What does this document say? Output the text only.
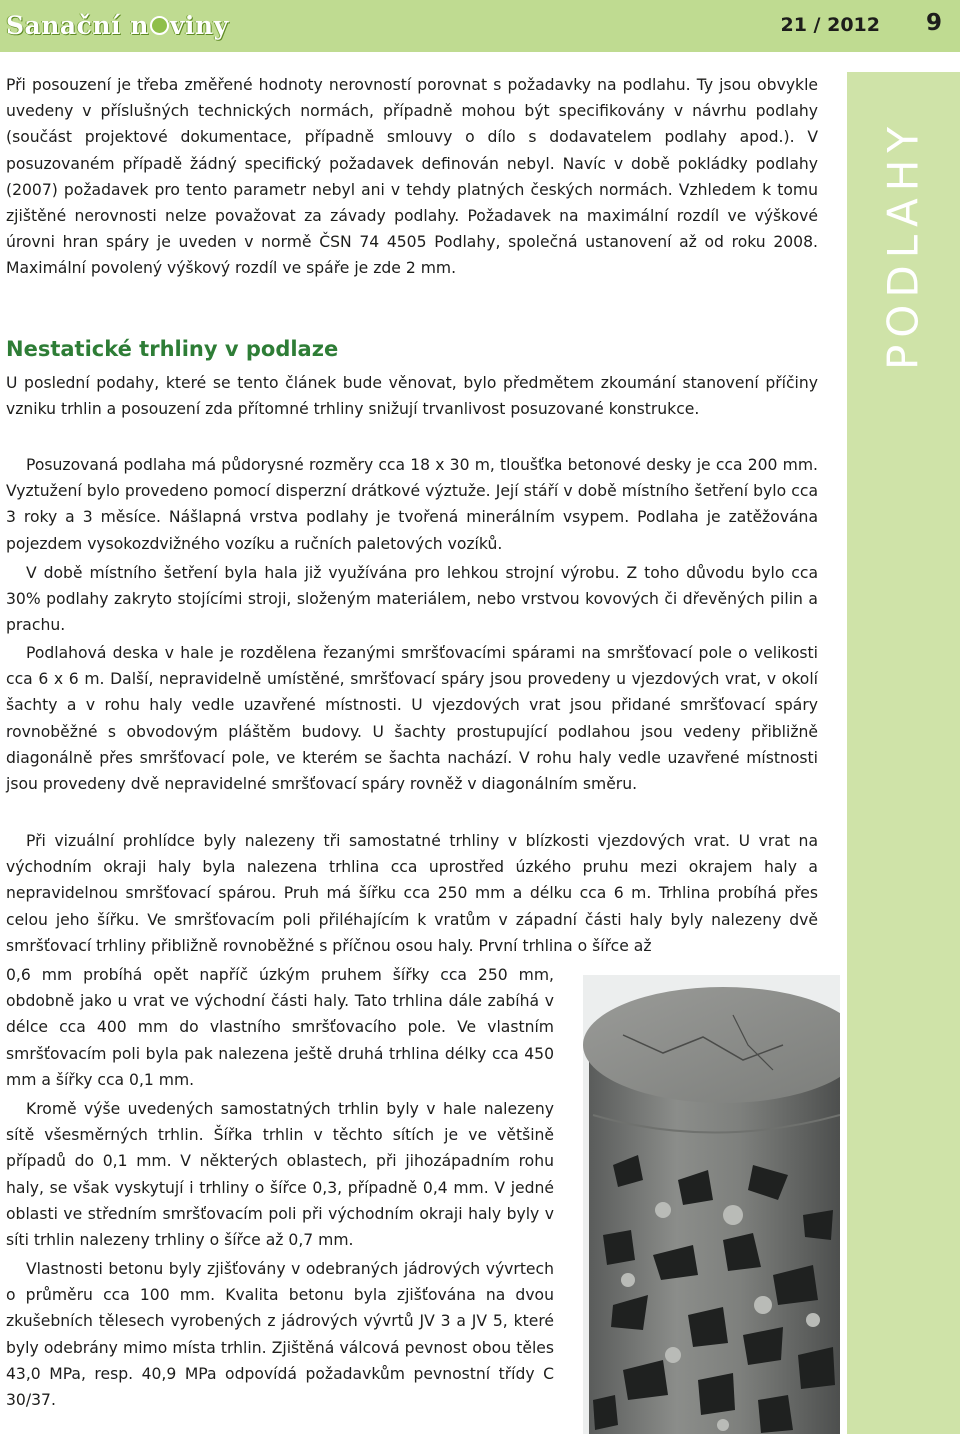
Sanační n viny	21 / 2012 9
PODLAHY

Při posouzení je třeba změřené hodnoty nerovností porovnat s požadavky na podlahu. Ty jsou obvykle uvedeny v příslušných technických normách, případně mohou být specifikovány v návrhu podlahy (součást projektové dokumentace, případně smlouvy o dílo s dodavatelem podlahy apod.). V posuzovaném případě žádný specifický požadavek definován nebyl. Navíc v době pokládky podlahy (2007) požadavek pro tento parametr nebyl ani v tehdy platných českých normách. Vzhledem k tomu zjištěné nerovnosti nelze považovat za závady podlahy. Požadavek na maximální rozdíl ve výškové úrovni hran spáry je uveden v normě ČSN 74 4505 Podlahy, společná ustanovení až od roku 2008. Maximální povolený výškový rozdíl ve spáře je zde 2 mm.

Nestatické trhliny v podlaze

U poslední podahy, které se tento článek bude věnovat, bylo předmětem zkoumání stanovení příčiny vzniku trhlin a posouzení zda přítomné trhliny snižují trvanlivost posuzované konstrukce.

Posuzovaná podlaha má půdorysné rozměry cca 18 x 30 m, tloušťka betonové desky je cca 200 mm. Vyztužení bylo provedeno pomocí disperzní drátkové výztuže. Její stáří v době místního šetření bylo cca 3 roky a 3 měsíce. Nášlapná vrstva podlahy je tvořená minerálním vsypem. Podlaha je zatěžována pojezdem vysokozdvižného vozíku a ručních paletových vozíků.

V době místního šetření byla hala již využívána pro lehkou strojní výrobu. Z toho důvodu bylo cca 30% podlahy zakryto stojícími stroji, složeným materiálem, nebo vrstvou kovových či dřevěných pilin a prachu.

Podlahová deska v hale je rozdělena řezanými smršťovacími spárami na smršťovací pole o velikosti cca 6 x 6 m. Další, nepravidelně umístěné, smršťovací spáry jsou provedeny u vjezdových vrat, v okolí šachty a v rohu haly vedle uzavřené místnosti. U vjezdových vrat jsou přidané smršťovací spáry rovnoběžné s obvodovým pláštěm budovy. U šachty prostupující podlahou jsou vedeny přibližně diagonálně přes smršťovací pole, ve kterém se šachta nachází. V rohu haly vedle uzavřené místnosti jsou provedeny dvě nepravidelné smršťovací spáry rovněž v diagonálním směru.

Při vizuální prohlídce byly nalezeny tři samostatné trhliny v blízkosti vjezdových vrat. U vrat na východním okraji haly byla nalezena trhlina cca uprostřed úzkého pruhu mezi okrajem haly a nepravidelnou smršťovací spárou. Pruh má šířku cca 250 mm a délku cca 6 m. Trhlina probíhá přes celou jeho šířku. Ve smršťovacím poli přiléhajícím k vratům v západní části haly byly nalezeny dvě smršťovací trhliny přibližně rovnoběžné s příčnou osou haly. První trhlina o šířce až

0,6 mm probíhá opět napříč úzkým pruhem šířky cca 250 mm, obdobně jako u vrat ve východní části haly. Tato trhlina dále zabíhá v délce cca 400 mm do vlastního smršťovacího pole. Ve vlastním smršťovacím poli byla pak nalezena ještě druhá trhlina délky cca 450 mm a šířky cca 0,1 mm.

Kromě výše uvedených samostatných trhlin byly v hale nalezeny sítě všesměrných trhlin. Šířka trhlin v těchto sítích je ve většině případů do 0,1 mm. V některých oblastech, při jihozápadním rohu haly, se však vyskytují i trhliny o šířce 0,3, případně 0,4 mm. V jedné oblasti ve středním smršťovacím poli při východním okraji haly byly v síti trhlin nalezeny trhliny o šířce až 0,7 mm.

Vlastnosti betonu byly zjišťovány v odebraných jádrových vývrtech o průměru cca 100 mm. Kvalita betonu byla zjišťována na dvou zkušebních tělesech vyrobených z jádrových vývrtů JV 3 a JV 5, které byly odebrány mimo místa trhlin. Zjištěná válcová pevnost obou těles 43,0 MPa, resp. 40,9 MPa odpovídá požadavkům pevnostní třídy C 30/37.
